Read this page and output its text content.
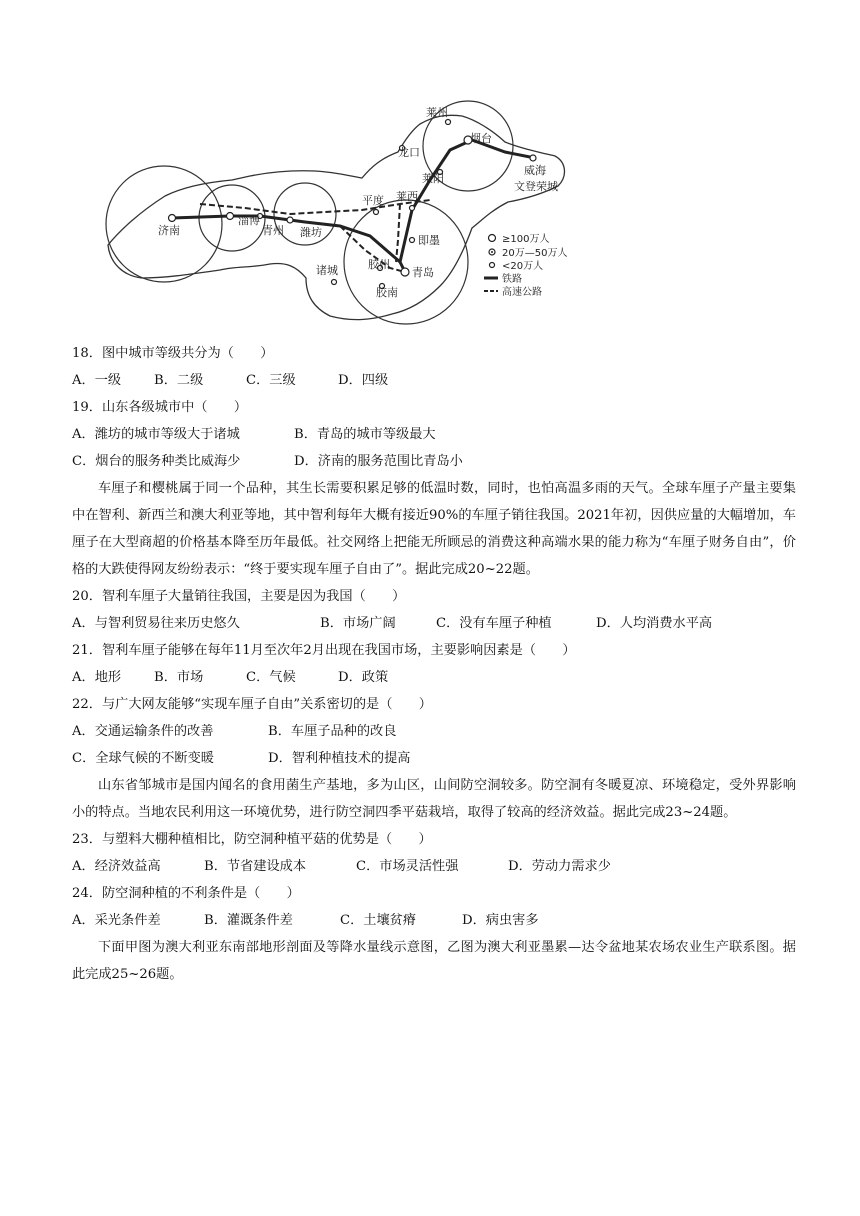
莱州
龙口
烟台
威海
文登荣城
莱阳
平度 莱西
济南
淄博
青州 潍坊
即墨
诸城	胶州
青岛
胶南
≥100万人
20万—50万人
<20万人
铁路
高速公路
18．图中城市等级共分为（　　）
A．一级	B．二级	C．三级	D．四级
19．山东各级城市中（　　）
A．潍坊的城市等级大于诸城	B．青岛的城市等级最大
C．烟台的服务种类比威海少	D．济南的服务范围比青岛小
车厘子和樱桃属于同一个品种，其生长需要积累足够的低温时数，同时，也怕高温多雨的天气。全球车厘子产量主要集中在智利、新西兰和澳大利亚等地，其中智利每年大概有接近90%的车厘子销往我国。2021年初，因供应量的大幅增加，车厘子在大型商超的价格基本降至历年最低。社交网络上把能无所顾忌的消费这种高端水果的能力称为“车厘子财务自由”，价格的大跌使得网友纷纷表示：“终于要实现车厘子自由了”。据此完成20~22题。
20．智利车厘子大量销往我国，主要是因为我国（　　）
A．与智利贸易往来历史悠久	B．市场广阔	C．没有车厘子种植	D．人均消费水平高
21．智利车厘子能够在每年11月至次年2月出现在我国市场，主要影响因素是（　　）
A．地形	B．市场	C．气候	D．政策
22．与广大网友能够“实现车厘子自由”关系密切的是（　　）
A．交通运输条件的改善	B．车厘子品种的改良
C．全球气候的不断变暖	D．智利种植技术的提高
山东省邹城市是国内闻名的食用菌生产基地，多为山区，山间防空洞较多。防空洞有冬暖夏凉、环境稳定，受外界影响小的特点。当地农民利用这一环境优势，进行防空洞四季平菇栽培，取得了较高的经济效益。据此完成23~24题。
23．与塑料大棚种植相比，防空洞种植平菇的优势是（　　）
A．经济效益高	B．节省建设成本	C．市场灵活性强	D．劳动力需求少
24．防空洞种植的不利条件是（　　）
A．采光条件差	B．灌溉条件差	C．土壤贫瘠	D．病虫害多
下面甲图为澳大利亚东南部地形剖面及等降水量线示意图，乙图为澳大利亚墨累—达令盆地某农场农业生产联系图。据此完成25~26题。
